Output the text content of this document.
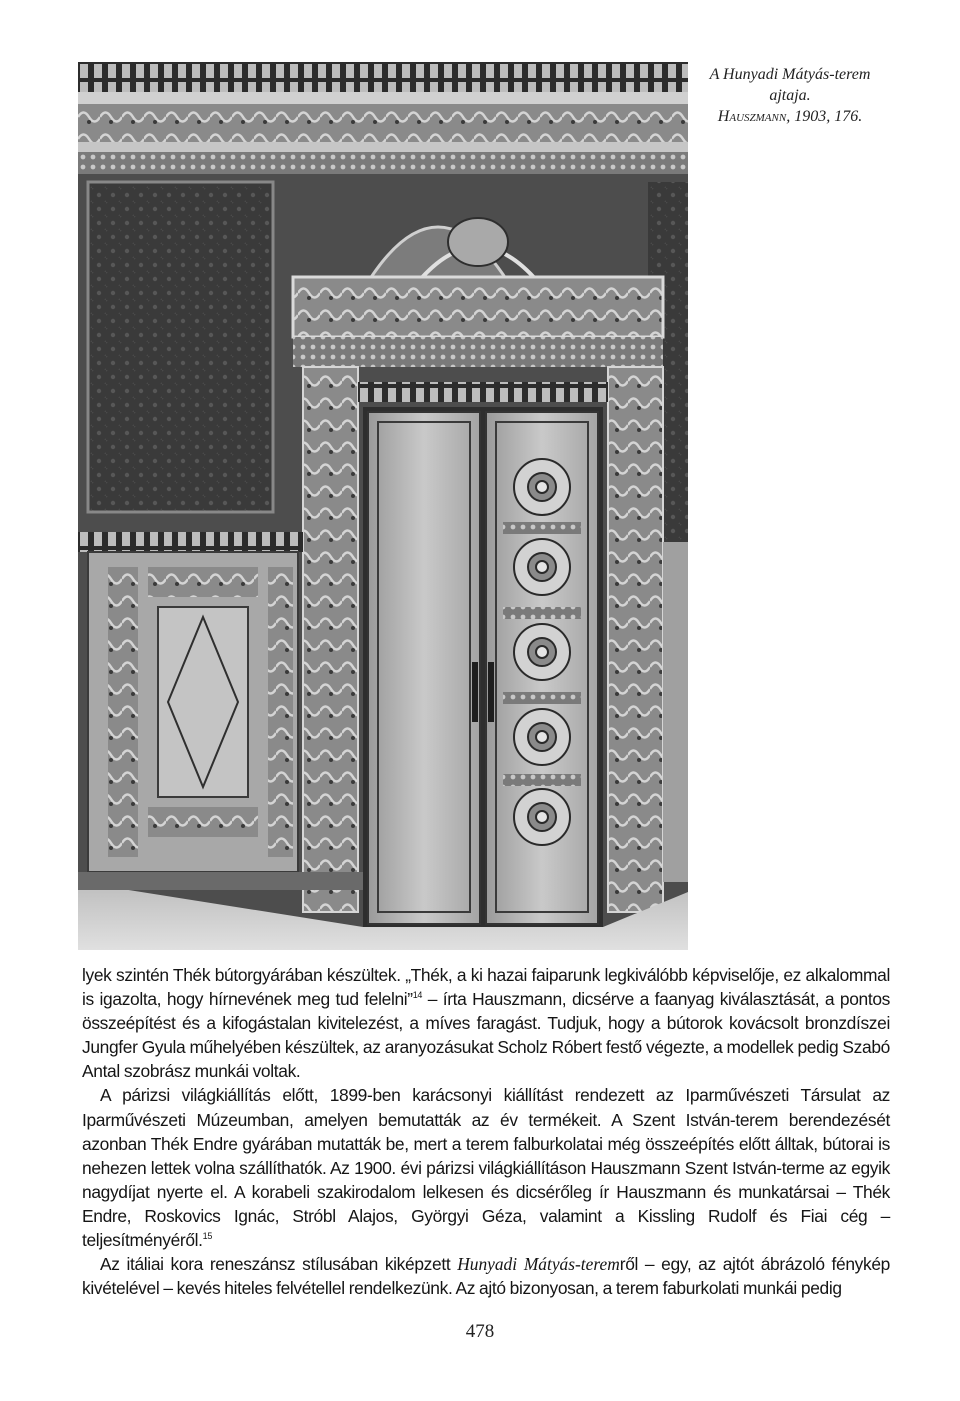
A Hunyadi Mátyás-terem
ajtaja.
Hauszmann, 1903, 176.

lyek szintén Thék bútorgyárában készültek. „Thék, a ki hazai faiparunk legkiválóbb képviselője, ez alkalommal is igazolta, hogy hírnevének meg tud felelni”$^{14}$ – írta Hauszmann, dicsérve a faanyag kiválasztását, a pontos összeépítést és a kifogástalan kivitelezést, a míves faragást. Tudjuk, hogy a bútorok kovácsolt bronzdíszei Jungfer Gyula műhelyében készültek, az aranyozásukat Scholz Róbert festő végezte, a modellek pedig Szabó Antal szobrász munkái voltak.

A párizsi világkiállítás előtt, 1899-ben karácsonyi kiállítást rendezett az Iparművészeti Társulat az Iparművészeti Múzeumban, amelyen bemutatták az év termékeit. A Szent István-terem berendezését azonban Thék Endre gyárában mutatták be, mert a terem falburkolatai még összeépítés előtt álltak, bútorai is nehezen lettek volna szállíthatók. Az 1900. évi párizsi világkiállításon Hauszmann Szent István-terme az egyik nagydíjat nyerte el. A korabeli szakirodalom lelkesen és dicsérőleg ír Hauszmann és munkatársai – Thék Endre, Roskovics Ignác, Stróbl Alajos, Györgyi Géza, valamint a Kissling Rudolf és Fiai cég – teljesítményéről.$^{15}$

Az itáliai kora reneszánsz stílusában kiképzett Hunyadi Mátyás-teremről – egy, az ajtót ábrázoló fénykép kivételével – kevés hiteles felvétellel rendelkezünk. Az ajtó bizonyosan, a terem faburkolati munkái pedig

478
